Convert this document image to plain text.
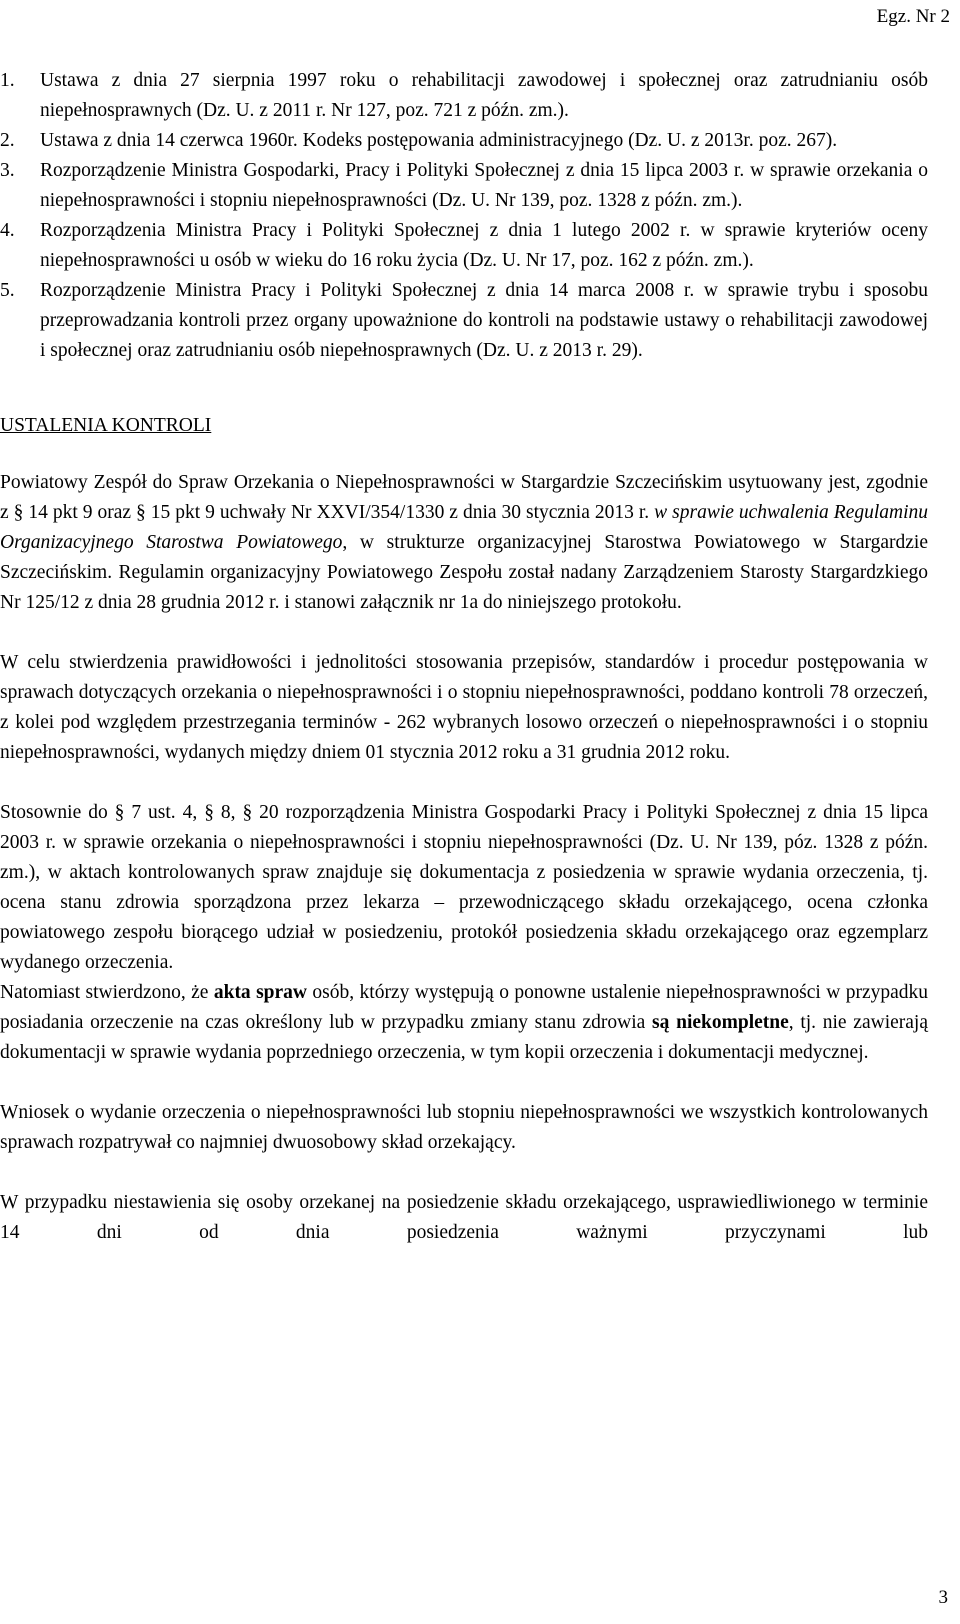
Egz. Nr 2
1.	Ustawa z dnia 27 sierpnia 1997 roku o rehabilitacji zawodowej i społecznej oraz zatrudnianiu osób niepełnosprawnych (Dz. U. z 2011 r. Nr 127, poz. 721 z późn. zm.).

2.	Ustawa z dnia 14 czerwca 1960r. Kodeks postępowania administracyjnego (Dz. U. z 2013r. poz. 267).

3.	Rozporządzenie Ministra Gospodarki, Pracy i Polityki Społecznej z dnia 15 lipca 2003 r. w sprawie orzekania o niepełnosprawności i stopniu niepełnosprawności (Dz. U. Nr 139, poz. 1328 z późn. zm.).

4.	Rozporządzenia Ministra Pracy i Polityki Społecznej z dnia 1 lutego 2002 r. w sprawie kryteriów oceny niepełnosprawności u osób w wieku do 16 roku życia (Dz. U. Nr 17, poz. 162 z późn. zm.).

5.	Rozporządzenie Ministra Pracy i Polityki Społecznej z dnia 14 marca 2008 r. w sprawie trybu i sposobu przeprowadzania kontroli przez organy upoważnione do kontroli na podstawie ustawy o rehabilitacji zawodowej i społecznej oraz zatrudnianiu osób niepełnosprawnych (Dz. U. z 2013 r. 29).

USTALENIA KONTROLI

Powiatowy Zespół do Spraw Orzekania o Niepełnosprawności w Stargardzie Szczecińskim usytuowany jest, zgodnie z § 14 pkt 9 oraz § 15 pkt 9 uchwały Nr XXVI/354/1330 z dnia 30 stycznia 2013 r. w sprawie uchwalenia Regulaminu Organizacyjnego Starostwa Powiatowego, w strukturze organizacyjnej Starostwa Powiatowego w Stargardzie Szczecińskim. Regulamin organizacyjny Powiatowego Zespołu został nadany Zarządzeniem Starosty Stargardzkiego Nr 125/12 z dnia 28 grudnia 2012 r. i stanowi załącznik nr 1a do niniejszego protokołu.

W celu stwierdzenia prawidłowości i jednolitości stosowania przepisów, standardów i procedur postępowania w sprawach dotyczących orzekania o niepełnosprawności i o stopniu niepełnosprawności, poddano kontroli 78 orzeczeń, z kolei pod względem przestrzegania terminów - 262 wybranych losowo orzeczeń o niepełnosprawności i o stopniu niepełnosprawności, wydanych między dniem 01 stycznia 2012 roku a 31 grudnia 2012 roku.

Stosownie do § 7 ust. 4, § 8, § 20 rozporządzenia Ministra Gospodarki Pracy i Polityki Społecznej z dnia 15 lipca 2003 r. w sprawie orzekania o niepełnosprawności i stopniu niepełnosprawności (Dz. U. Nr 139, póz. 1328 z późn. zm.), w aktach kontrolowanych spraw znajduje się dokumentacja z posiedzenia w sprawie wydania orzeczenia, tj. ocena stanu zdrowia sporządzona przez lekarza – przewodniczącego składu orzekającego, ocena członka powiatowego zespołu biorącego udział w posiedzeniu, protokół posiedzenia składu orzekającego oraz egzemplarz wydanego orzeczenia.

Natomiast stwierdzono, że akta spraw osób, którzy występują o ponowne ustalenie niepełnosprawności w przypadku posiadania orzeczenie na czas określony lub w przypadku zmiany stanu zdrowia są niekompletne, tj. nie zawierają dokumentacji w sprawie wydania poprzedniego orzeczenia, w tym kopii orzeczenia i dokumentacji medycznej.

Wniosek o wydanie orzeczenia o niepełnosprawności lub stopniu niepełnosprawności we wszystkich kontrolowanych sprawach rozpatrywał co najmniej dwuosobowy skład orzekający.

W przypadku niestawienia się osoby orzekanej na posiedzenie składu orzekającego, usprawiedliwionego w terminie 14 dni od dnia posiedzenia ważnymi przyczynami lub

3
